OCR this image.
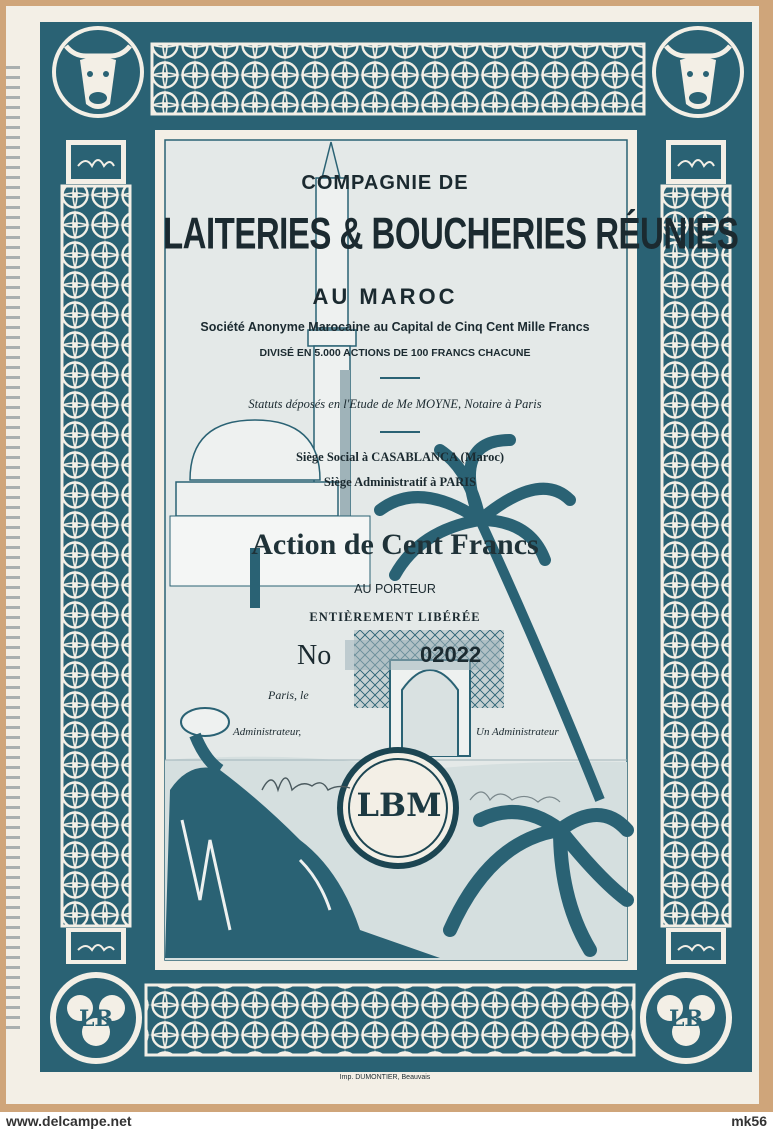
LB	LB
COMPAGNIE DE
LAITERIES & BOUCHERIES RÉUNIES
AU MAROC
Société Anonyme Marocaine au Capital de Cinq Cent Mille Francs
DIVISÉ EN 5.000 ACTIONS DE 100 FRANCS CHACUNE
Statuts déposés en l'Etude de Me MOYNE, Notaire à Paris
Siège Social à CASABLANCA (Maroc)
Siège Administratif à PARIS
Action de Cent Francs
AU PORTEUR
ENTIÈREMENT LIBÉRÉE
No	02022
Paris, le
Administrateur,	Un Administrateur
LBM
Imp. DUMONTIER, Beauvais
www.delcampe.net	mk56
